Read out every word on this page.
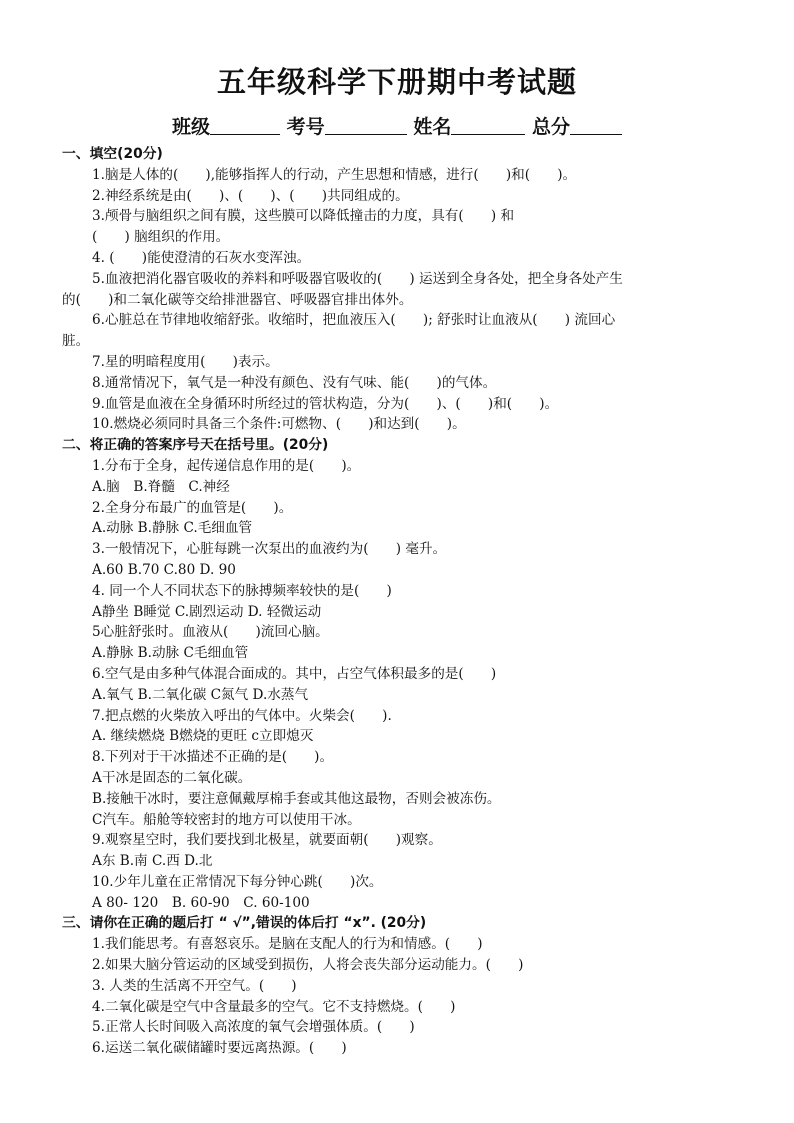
五年级科学下册期中考试题
班级	考号	姓名	总分
一、填空(20分)
1.脑是人体的(　　),能够指挥人的行动，产生思想和情感，进行(　　)和(　　)。
2.神经系统是由(　　)、(　　)、(　　)共同组成的。
3.颅骨与脑组织之间有膜，这些膜可以降低撞击的力度，具有(　　) 和
(　　) 脑组织的作用。
4. (　　)能使澄清的石灰水变浑浊。
5.血液把消化器官吸收的养料和呼吸器官吸收的(　　) 运送到全身各处，把全身各处产生
的(　　)和二氧化碳等交给排泄器官、呼吸器官排出体外。
6.心脏总在节律地收缩舒张。收缩时，把血液压入(　　); 舒张时让血液从(　　) 流回心
脏。
7.星的明暗程度用(　　)表示。
8.通常情况下，氧气是一种没有颜色、没有气味、能(　　)的气体。
9.血管是血液在全身循环时所经过的管状构造，分为(　　)、(　　)和(　　)。
10.燃烧必须同时具备三个条件:可燃物、(　　)和达到(　　)。
二、将正确的答案序号天在括号里。(20分)
1.分布于全身，起传递信息作用的是(　　)。
A.脑　B.脊髓　C.神经
2.全身分布最广的血管是(　　)。
A.动脉 B.静脉 C.毛细血管
3.一般情况下，心脏每跳一次泵出的血液约为(　　) 毫升。
A.60 B.70 C.80 D. 90
4. 同一个人不同状态下的脉搏频率较快的是(　　)
A静坐 B睡觉 C.剧烈运动 D. 轻微运动
5心脏舒张时。血液从(　　)流回心脑。
A.静脉 B.动脉 C毛细血管
6.空气是由多种气体混合面成的。其中，占空气体积最多的是(　　)
A.氧气 B.二氧化碳 C氮气 D.水蒸气
7.把点燃的火柴放入呼出的气体中。火柴会(　　).
A. 继续燃烧 B燃烧的更旺 c立即熄灭
8.下列对于干冰描述不正确的是(　　)。
A干冰是固态的二氧化碳。
B.接触干冰时，要注意佩戴厚棉手套或其他这最物，否则会被冻伤。
C汽车。船舱等较密封的地方可以使用干冰。
9.观察星空时，我们要找到北极星，就要面朝(　　)观察。
A东 B.南 C.西 D.北
10.少年儿童在正常情况下每分钟心跳(　　)次。
A 80- 120　B. 60-90　C. 60-100
三、请你在正确的题后打 “ √”,错误的体后打 “x”. (20分)
1.我们能思考。有喜怒哀乐。是脑在支配人的行为和情感。(　　)
2.如果大脑分管运动的区域受到损伤，人将会丧失部分运动能力。(　　)
3. 人类的生活离不开空气。(　　)
4.二氧化碳是空气中含量最多的空气。它不支持燃烧。(　　)
5.正常人长时间吸入高浓度的氧气会增强体质。(　　)
6.运送二氧化碳储罐时要远离热源。(　　)
